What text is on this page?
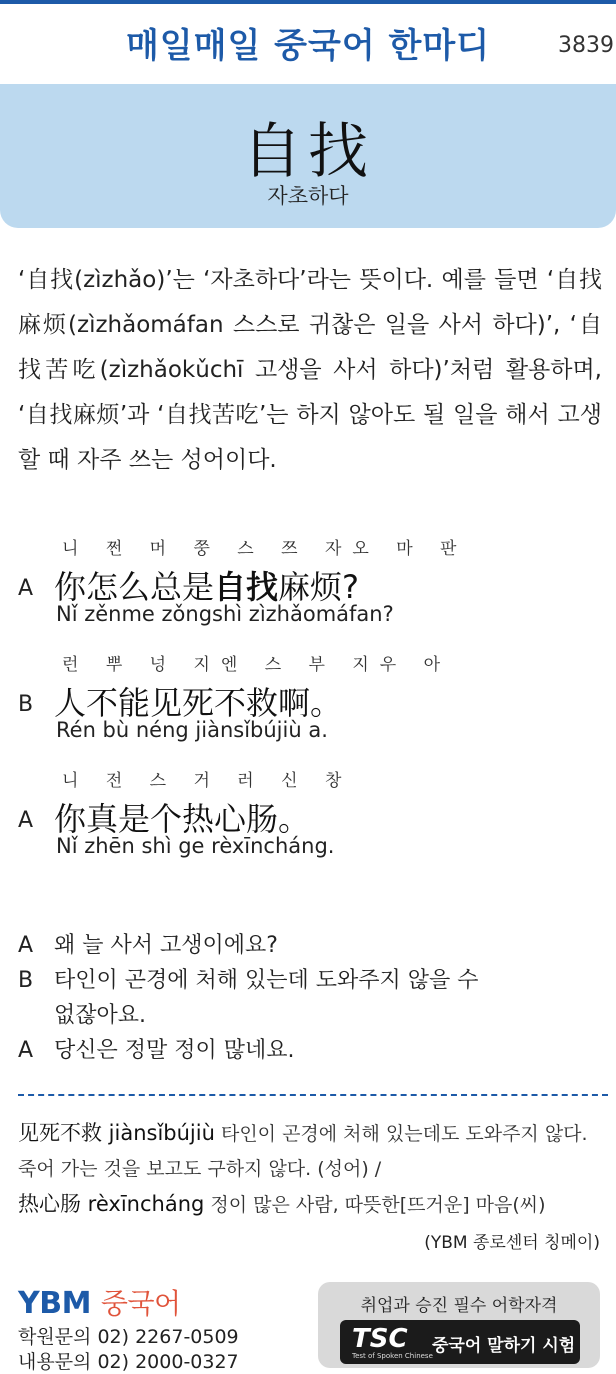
매일매일 중국어 한마디	3839
自找
자초하다
‘自找(zìzhǎo)’는 ‘자초하다’라는 뜻이다. 예를 들면 ‘自找麻烦(zìzhǎomáfan 스스로 귀찮은 일을 사서 하다)’, ‘自找苦吃(zìzhǎokǔchī 고생을 사서 하다)’처럼 활용하며, ‘自找麻烦’과 ‘自找苦吃’는 하지 않아도 될 일을 해서 고생할 때 자주 쓰는 성어이다.
니 쩐 머 쭝 스 쯔 자오 마 판
A 你怎么总是自找麻烦?
Nǐ zěnme zǒngshì zìzhǎomáfan?
런 뿌 넝 지엔 스 부 지우 아
B 人不能见死不救啊。
Rén bù néng jiànsǐbújiù a.
니 전 스 거 러 신 창
A 你真是个热心肠。
Nǐ zhēn shì ge rèxīncháng.
A 왜 늘 사서 고생이에요?
B 타인이 곤경에 처해 있는데 도와주지 않을 수
없잖아요.
A 당신은 정말 정이 많네요.
见死不救 jiànsǐbújiù 타인이 곤경에 처해 있는데도 도와주지 않다. 죽어 가는 것을 보고도 구하지 않다. (성어) /
热心肠 rèxīncháng 정이 많은 사람, 따뜻한[뜨거운] 마음(씨)
(YBM 종로센터 칭메이)
YBM 중국어
학원문의 02) 2267-0509
내용문의 02) 2000-0327
취업과 승진 필수 어학자격
TSC
Test of Spoken Chinese 중국어 말하기 시험
